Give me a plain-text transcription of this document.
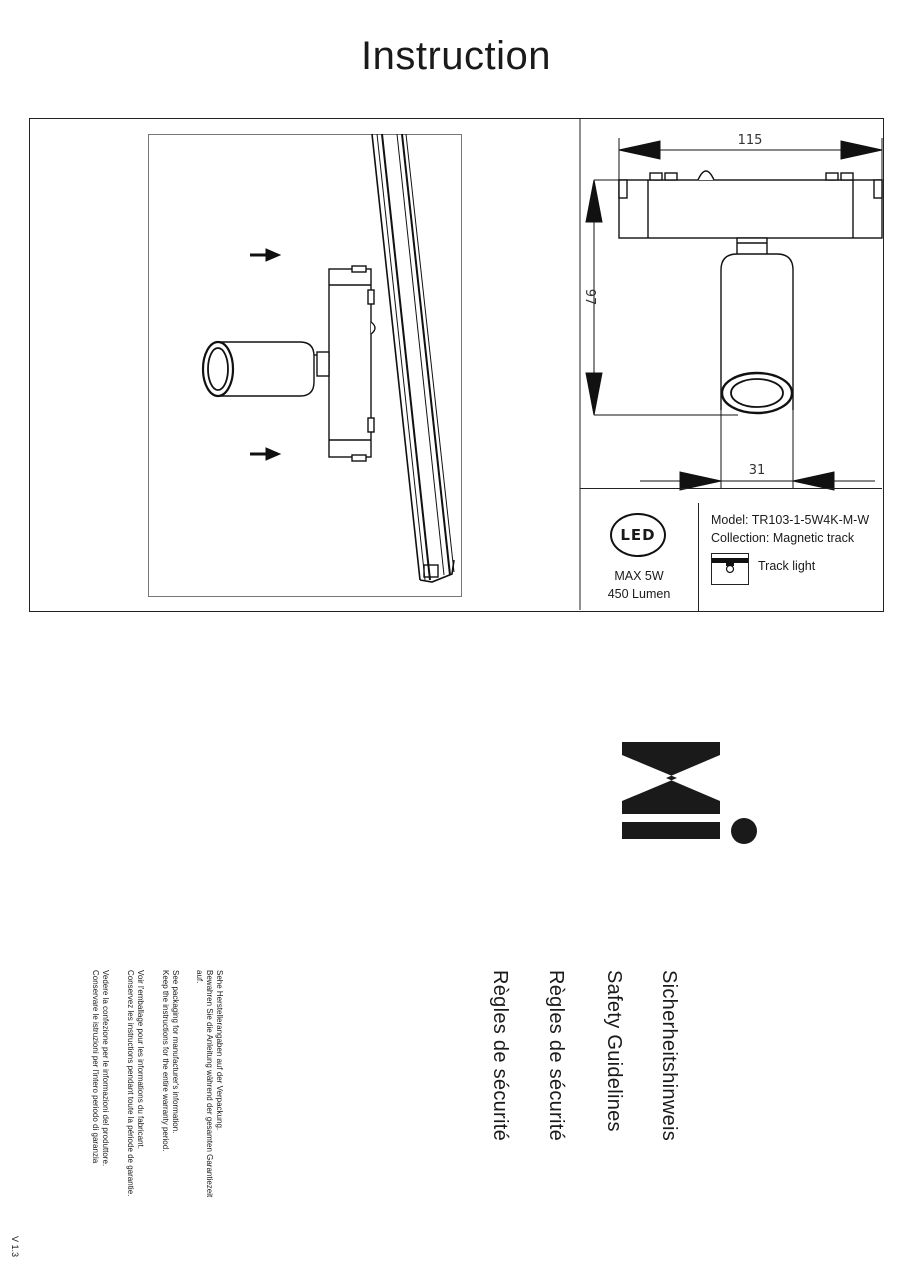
Instruction
115
97
31
LED
MAX 5W
450 Lumen
Model: TR103-1-5W4K-M-W
Collection: Magnetic track
Track light
Sicherheitshinweis
Safety Guidelines
Règles de sécurité
Règles de sécurité
Sehe Herstellerangaben auf der Verpackung.
Bewahren Sie die Anleitung während der gesamten Garantiezeit
auf.
See packaging for manufacturer's information.
Keep the instructions for the entire warranty period.
Voir l'emballage pour les informations du fabricant.
Conservez les instructions pendant toute la période de garantie.
Vedere la confezione per le informazioni del produttore.
Conservare le istruzioni per l'intero periodo di garanzia
V 1.3
